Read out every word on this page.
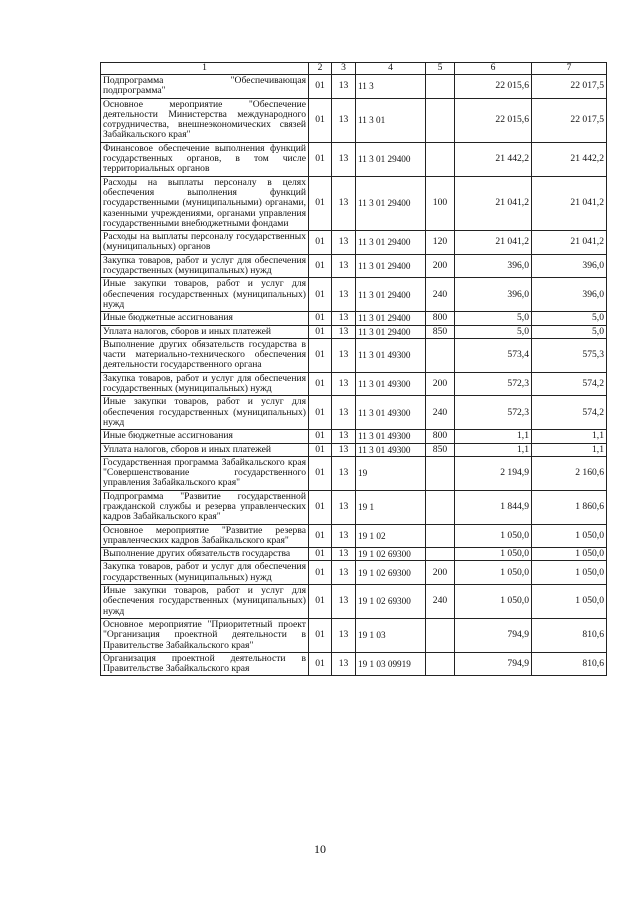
1	2	3	4	5	6	7
Подпрограмма "Обеспечивающая подпрограмма"	01	13	11 3		22 015,6	22 017,5
Основное мероприятие "Обеспечение деятельности Министерства международного сотрудничества, внешнеэкономических связей Забайкальского края"	01	13	11 3 01		22 015,6	22 017,5
Финансовое обеспечение выполнения функций государственных органов, в том числе территориальных органов	01	13	11 3 01 29400		21 442,2	21 442,2
Расходы на выплаты персоналу в целях обеспечения выполнения функций государственными (муниципальными) органами, казенными учреждениями, органами управления государственными внебюджетными фондами	01	13	11 3 01 29400	100	21 041,2	21 041,2
Расходы на выплаты персоналу государственных (муниципальных) органов	01	13	11 3 01 29400	120	21 041,2	21 041,2
Закупка товаров, работ и услуг для обеспечения государственных (муниципальных) нужд	01	13	11 3 01 29400	200	396,0	396,0
Иные закупки товаров, работ и услуг для обеспечения государственных (муниципальных) нужд	01	13	11 3 01 29400	240	396,0	396,0
Иные бюджетные ассигнования	01	13	11 3 01 29400	800	5,0	5,0
Уплата налогов, сборов и иных платежей	01	13	11 3 01 29400	850	5,0	5,0
Выполнение других обязательств государства в части материально-технического обеспечения деятельности государственного органа	01	13	11 3 01 49300		573,4	575,3
Закупка товаров, работ и услуг для обеспечения государственных (муниципальных) нужд	01	13	11 3 01 49300	200	572,3	574,2
Иные закупки товаров, работ и услуг для обеспечения государственных (муниципальных) нужд	01	13	11 3 01 49300	240	572,3	574,2
Иные бюджетные ассигнования	01	13	11 3 01 49300	800	1,1	1,1
Уплата налогов, сборов и иных платежей	01	13	11 3 01 49300	850	1,1	1,1
Государственная программа Забайкальского края "Совершенствование государственного управления Забайкальского края"	01	13	19		2 194,9	2 160,6
Подпрограмма "Развитие государственной гражданской службы и резерва управленческих кадров Забайкальского края"	01	13	19 1		1 844,9	1 860,6
Основное мероприятие "Развитие резерва управленческих кадров Забайкальского края"	01	13	19 1 02		1 050,0	1 050,0
Выполнение других обязательств государства	01	13	19 1 02 69300		1 050,0	1 050,0
Закупка товаров, работ и услуг для обеспечения государственных (муниципальных) нужд	01	13	19 1 02 69300	200	1 050,0	1 050,0
Иные закупки товаров, работ и услуг для обеспечения государственных (муниципальных) нужд	01	13	19 1 02 69300	240	1 050,0	1 050,0
Основное мероприятие "Приоритетный проект "Организация проектной деятельности в Правительстве Забайкальского края"	01	13	19 1 03		794,9	810,6
Организация проектной деятельности в Правительстве Забайкальского края	01	13	19 1 03 09919		794,9	810,6
10
